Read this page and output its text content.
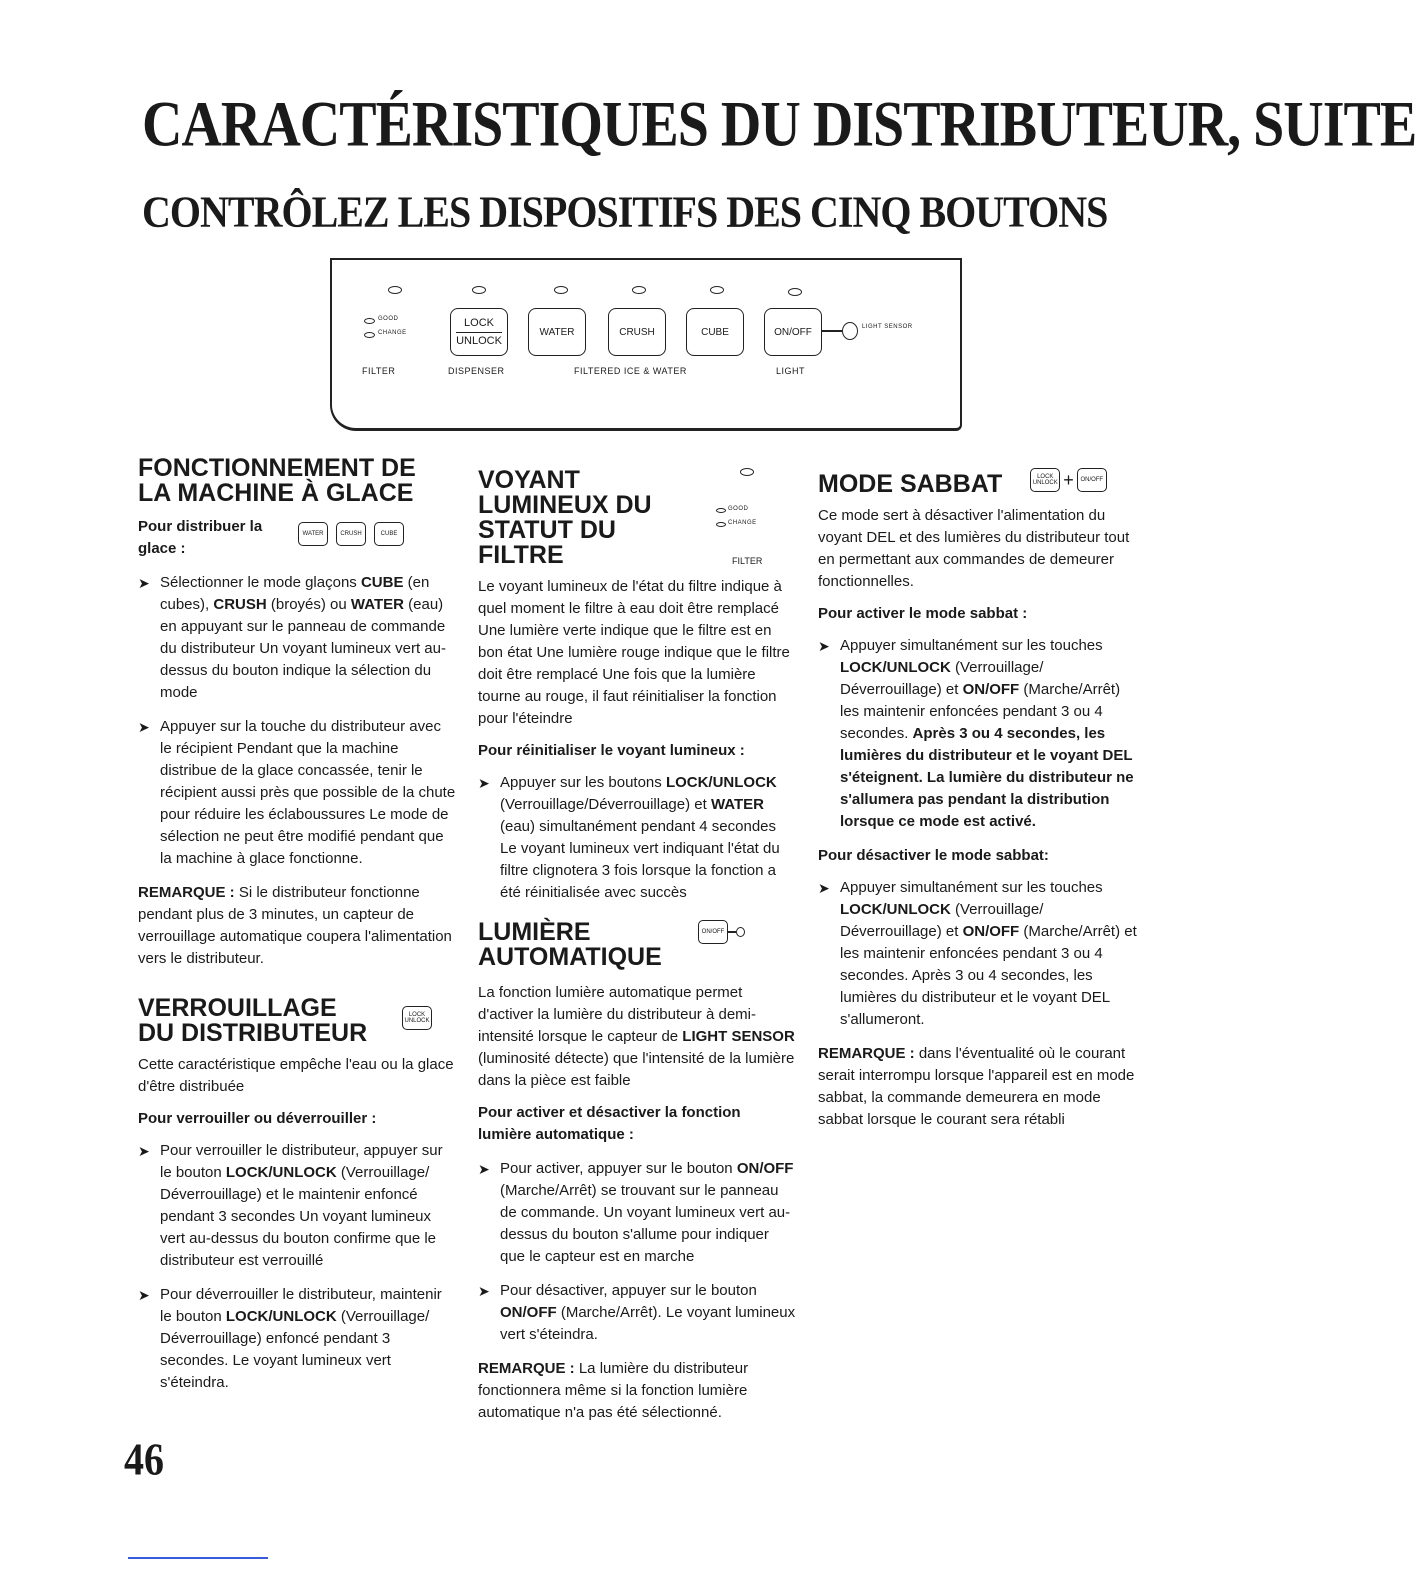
CARACTÉRISTIQUES DU DISTRIBUTEUR, SUITE
CONTRÔLEZ LES DISPOSITIFS DES CINQ BOUTONS
GOOD
CHANGE
LOCK
UNLOCK
WATER	CRUSH	CUBE	ON/OFF	LIGHT SENSOR
FILTER	DISPENSER	FILTERED ICE & WATER	LIGHT
FONCTIONNEMENT DE LA MACHINE À GLACE
Pour distribuer la glace :
WATER	CRUSH	CUBE
➤ Sélectionner le mode glaçons CUBE (en cubes), CRUSH (broyés) ou WATER (eau) en appuyant sur le panneau de commande du distributeur Un voyant lumineux vert au-dessus du bouton indique la sélection du mode
➤ Appuyer sur la touche du distributeur avec le récipient Pendant que la machine distribue de la glace concassée, tenir le récipient aussi près que possible de la chute pour réduire les éclaboussures Le mode de sélection ne peut être modifié pendant que la machine à glace fonctionne.

REMARQUE : Si le distributeur fonctionne pendant plus de 3 minutes, un capteur de verrouillage automatique coupera l'alimentation vers le distributeur.

VERROUILLAGE DU DISTRIBUTEUR
LOCK
UNLOCK

Cette caractéristique empêche l'eau ou la glace d'être distribuée

Pour verrouiller ou déverrouiller :
➤ Pour verrouiller le distributeur, appuyer sur le bouton LOCK/UNLOCK (Verrouillage/ Déverrouillage) et le maintenir enfoncé pendant 3 secondes Un voyant lumineux vert au-dessus du bouton confirme que le distributeur est verrouillé
➤ Pour déverrouiller le distributeur, maintenir le bouton LOCK/UNLOCK (Verrouillage/ Déverrouillage) enfoncé pendant 3 secondes. Le voyant lumineux vert s'éteindra.
VOYANT LUMINEUX DU STATUT DU FILTRE
GOOD
CHANGE
FILTER

Le voyant lumineux de l'état du filtre indique à quel moment le filtre à eau doit être remplacé Une lumière verte indique que le filtre est en bon état Une lumière rouge indique que le filtre doit être remplacé Une fois que la lumière tourne au rouge, il faut réinitialiser la fonction pour l'éteindre

Pour réinitialiser le voyant lumineux :
➤ Appuyer sur les boutons LOCK/UNLOCK (Verrouillage/Déverrouillage) et WATER (eau) simultanément pendant 4 secondes Le voyant lumineux vert indiquant l'état du filtre clignotera 3 fois lorsque la fonction a été réinitialisée avec succès
LUMIÈRE AUTOMATIQUE
ON/OFF

La fonction lumière automatique permet d'activer la lumière du distributeur à demi-intensité lorsque le capteur de LIGHT SENSOR (luminosité détecte) que l'intensité de la lumière dans la pièce est faible

Pour activer et désactiver la fonction lumière automatique :
➤ Pour activer, appuyer sur le bouton ON/OFF (Marche/Arrêt) se trouvant sur le panneau de commande. Un voyant lumineux vert au-dessus du bouton s'allume pour indiquer que le capteur est en marche
➤ Pour désactiver, appuyer sur le bouton ON/OFF (Marche/Arrêt). Le voyant lumineux vert s'éteindra.

REMARQUE : La lumière du distributeur fonctionnera même si la fonction lumière automatique n'a pas été sélectionné.

MODE SABBAT	LOCK
UNLOCK +	ON/OFF

Ce mode sert à désactiver l'alimentation du voyant DEL et des lumières du distributeur tout en permettant aux commandes de demeurer fonctionnelles.

Pour activer le mode sabbat :
➤ Appuyer simultanément sur les touches LOCK/UNLOCK (Verrouillage/ Déverrouillage) et ON/OFF (Marche/Arrêt) les maintenir enfoncées pendant 3 ou 4 secondes. Après 3 ou 4 secondes, les lumières du distributeur et le voyant DEL s'éteignent. La lumière du distributeur ne s'allumera pas pendant la distribution lorsque ce mode est activé.
Pour désactiver le mode sabbat:
➤ Appuyer simultanément sur les touches LOCK/UNLOCK (Verrouillage/ Déverrouillage) et ON/OFF (Marche/Arrêt) et les maintenir enfoncées pendant 3 ou 4 secondes. Après 3 ou 4 secondes, les lumières du distributeur et le voyant DEL s'allumeront.

REMARQUE : dans l'éventualité où le courant serait interrompu lorsque l'appareil est en mode sabbat, la commande demeurera en mode sabbat lorsque le courant sera rétabli

46
